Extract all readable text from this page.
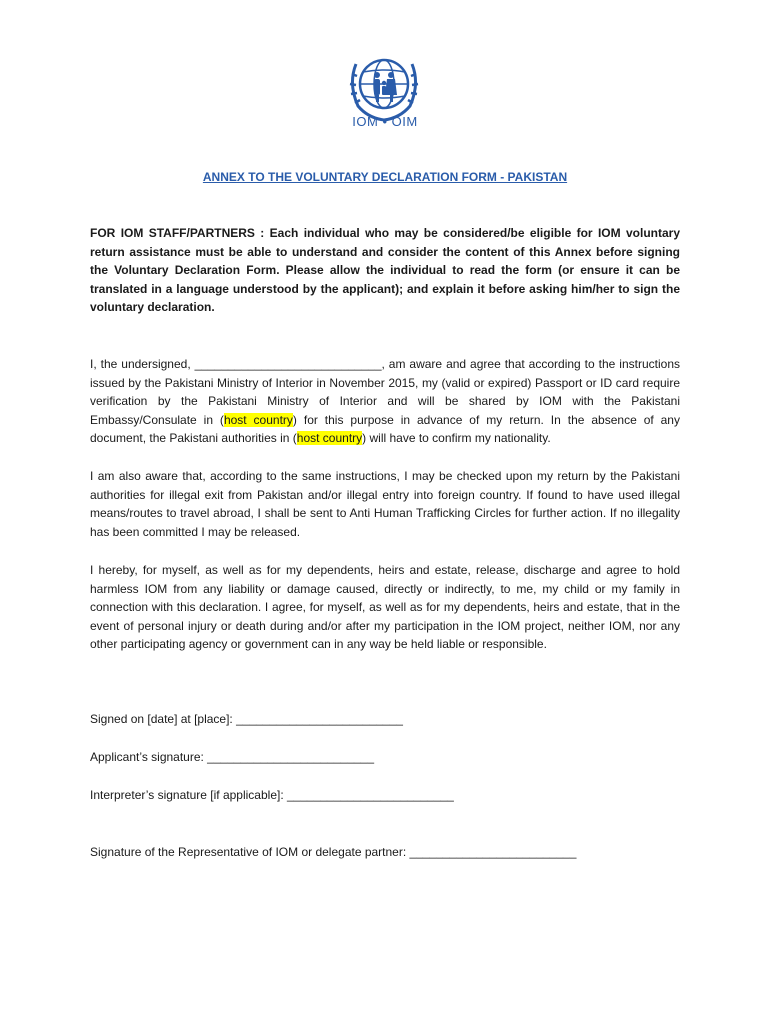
IOM • OIM
ANNEX TO THE VOLUNTARY DECLARATION FORM - PAKISTAN
FOR IOM STAFF/PARTNERS : Each individual who may be considered/be eligible for IOM voluntary return assistance must be able to understand and consider the content of this Annex before signing the Voluntary Declaration Form. Please allow the individual to read the form (or ensure it can be translated in a language understood by the applicant); and explain it before asking him/her to sign the voluntary declaration.
I, the undersigned, ____________________________, am aware and agree that according to the instructions issued by the Pakistani Ministry of Interior in November 2015, my (valid or expired) Passport or ID card require verification by the Pakistani Ministry of Interior and will be shared by IOM with the Pakistani Embassy/Consulate in (host country) for this purpose in advance of my return. In the absence of any document, the Pakistani authorities in (host country) will have to confirm my nationality.
I am also aware that, according to the same instructions, I may be checked upon my return by the Pakistani authorities for illegal exit from Pakistan and/or illegal entry into foreign country. If found to have used illegal means/routes to travel abroad, I shall be sent to Anti Human Trafficking Circles for further action. If no illegality has been committed I may be released.
I hereby, for myself, as well as for my dependents, heirs and estate, release, discharge and agree to hold harmless IOM from any liability or damage caused, directly or indirectly, to me, my child or my family in connection with this declaration. I agree, for myself, as well as for my dependents, heirs and estate, that in the event of personal injury or death during and/or after my participation in the IOM project, neither IOM, nor any other participating agency or government can in any way be held liable or responsible.
Signed on [date] at [place]: _________________________
Applicant’s signature: _________________________
Interpreter’s signature [if applicable]: _________________________
Signature of the Representative of IOM or delegate partner: _________________________
